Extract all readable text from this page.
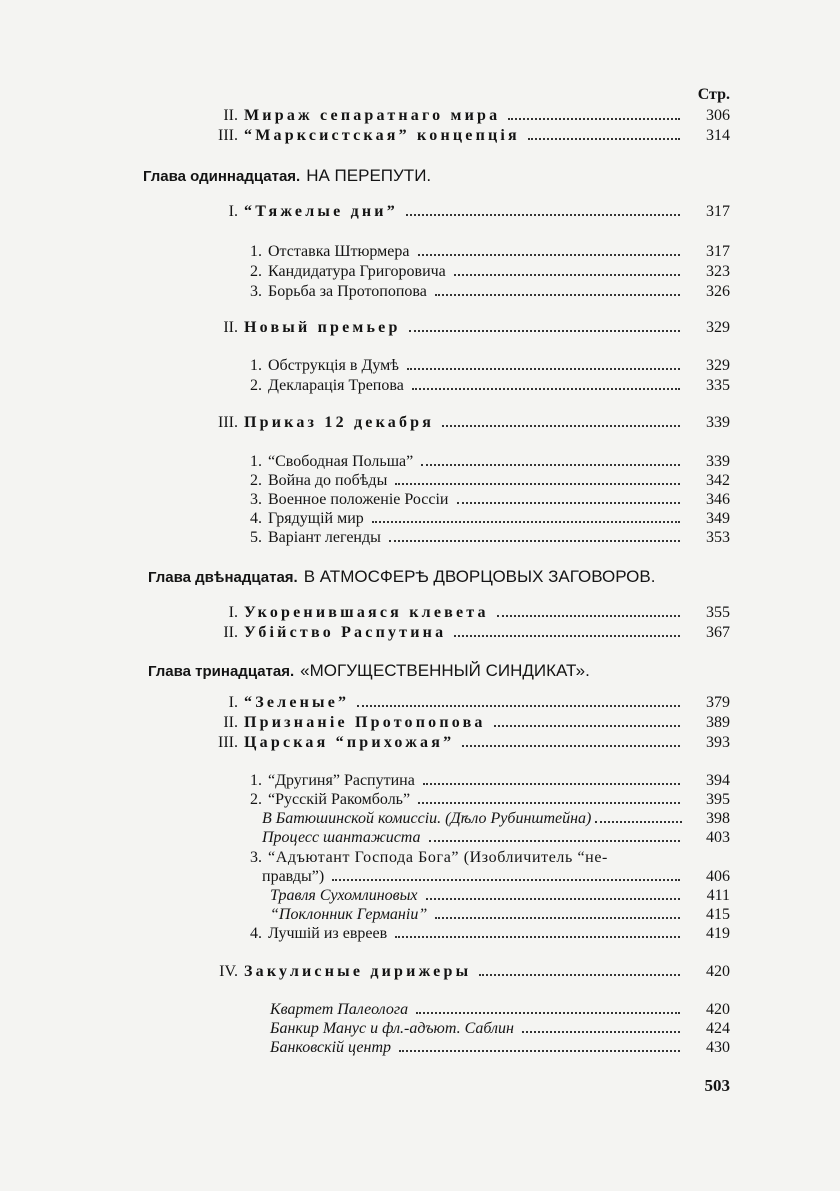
Стр.
II. Мираж сепаратнаго мира	306
III. “Марксистская” концепція	314
Глава одиннадцатая. НА ПЕРЕПУТИ.
I. “Тяжелые дни”	317
1. Отставка Штюрмера	317
2. Кандидатура Григоровича	323
3. Борьба за Протопопова	326
II. Новый премьер	329
1. Обструкція в Думѣ	329
2. Декларація Трепова	335
III. Приказ 12 декабря	339
1. “Свободная Польша”	339
2. Война до побѣды	342
3. Военное положеніе Россіи	346
4. Грядущій мир	349
5. Варіант легенды	353
Глава двѣнадцатая. В АТМОСФЕРѢ ДВОРЦОВЫХ ЗАГОВОРОВ.
I. Укоренившаяся клевета	355
II. Убійство Распутина	367
Глава тринадцатая. «МОГУЩЕСТВЕННЫЙ СИНДИКАТ».
I. “Зеленые”	379
II. Признаніе Протопопова	389
III. Царская “прихожая”	393
1. “Другиня” Распутина	394
2. “Русскій Ракомболь”	395
В Батюшинской комиссіи. (Дѣло Рубинштейна)	398
Процесс шантажиста	403
3. “Адъютант Господа Бога” (Изобличитель “не-
правды”)	406
Травля Сухомлиновых	411
“Поклонник Германіи”	415
4. Лучшій из евреев	419
IV. Закулисные дирижеры	420
Квартет Палеолога	420
Банкир Манус и фл.-адъют. Саблин	424
Банковскій центр	430
503
